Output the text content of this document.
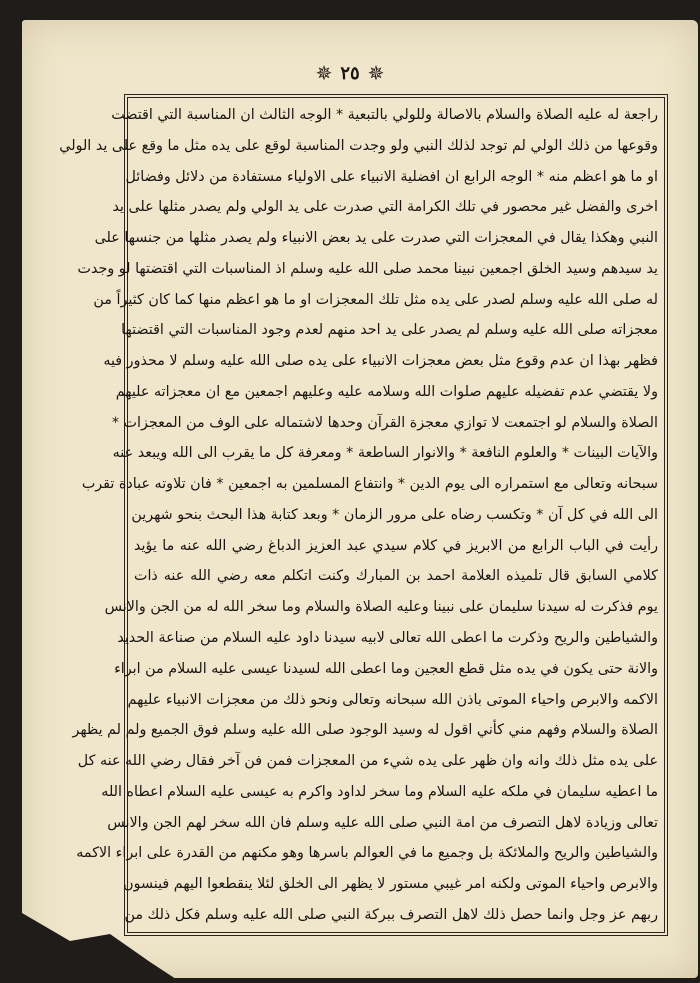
✵ ٢٥ ✵
راجعة له عليه الصلاة والسلام بالاصالة وللولي بالتبعية * الوجه الثالث ان المناسبة التي اقتضت
وقوعها من ذلك الولي لم توجد لذلك النبي ولو وجدت المناسبة لوقع على يده مثل ما وقع على يد الولي
او ما هو اعظم منه * الوجه الرابع ان افضلية الانبياء على الاولياء مستفادة من دلائل وفضائل
اخرى والفضل غير محصور في تلك الكرامة التي صدرت على يد الولي ولم يصدر مثلها على يد
النبي وهكذا يقال في المعجزات التي صدرت على يد بعض الانبياء ولم يصدر مثلها من جنسها على
يد سيدهم وسيد الخلق اجمعين نبينا محمد صلى الله عليه وسلم اذ المناسبات التي اقتضتها لو وجدت
له صلى الله عليه وسلم لصدر على يده مثل تلك المعجزات او ما هو اعظم منها كما كان كثيراً من
معجزاته صلى الله عليه وسلم لم يصدر على يد احد منهم لعدم وجود المناسبات التي اقتضتها
فظهر بهذا ان عدم وقوع مثل بعض معجزات الانبياء على يده صلى الله عليه وسلم لا محذور فيه
ولا يقتضي عدم تفضيله عليهم صلوات الله وسلامه عليه وعليهم اجمعين مع ان معجزاته عليهم
الصلاة والسلام لو اجتمعت لا توازي معجزة القرآن وحدها لاشتماله على الوف من المعجزات *
والآيات البينات * والعلوم النافعة * والانوار الساطعة * ومعرفة كل ما يقرب الى الله ويبعد عنه
سبحانه وتعالى مع استمراره الى يوم الدين * وانتفاع المسلمين به اجمعين * فان تلاوته عبادة تقرب
الى الله في كل آن * وتكسب رضاه على مرور الزمان * وبعد كتابة هذا البحث بنحو شهرين
رأيت في الباب الرابع من الابريز في كلام سيدي عبد العزيز الدباغ رضي الله عنه ما يؤيد
كلامي السابق قال تلميذه العلامة احمد بن المبارك وكنت اتكلم معه رضي الله عنه ذات
يوم فذكرت له سيدنا سليمان على نبينا وعليه الصلاة والسلام وما سخر الله له من الجن والانس
والشياطين والريح وذكرت ما اعطى الله تعالى لابيه سيدنا داود عليه السلام من صناعة الحديد
والانة حتى يكون في يده مثل قطع العجين وما اعطى الله لسيدنا عيسى عليه السلام من ابراء
الاكمه والابرص واحياء الموتى باذن الله سبحانه وتعالى ونحو ذلك من معجزات الانبياء عليهم
الصلاة والسلام وفهم مني كأني اقول له وسيد الوجود صلى الله عليه وسلم فوق الجميع ولم لم يظهر
على يده مثل ذلك وانه وان ظهر على يده شيء من المعجزات فمن فن آخر فقال رضي الله عنه كل
ما اعطيه سليمان في ملكه عليه السلام وما سخر لداود واكرم به عيسى عليه السلام اعطاه الله
تعالى وزيادة لاهل التصرف من امة النبي صلى الله عليه وسلم فان الله سخر لهم الجن والانس
والشياطين والريح والملائكة بل وجميع ما في العوالم باسرها وهو مكنهم من القدرة على ابراء الاكمه
والابرص واحياء الموتى ولكنه امر غيبي مستور لا يظهر الى الخلق لئلا ينقطعوا اليهم فينسون
ربهم عز وجل وانما حصل ذلك لاهل التصرف ببركة النبي صلى الله عليه وسلم فكل ذلك من
